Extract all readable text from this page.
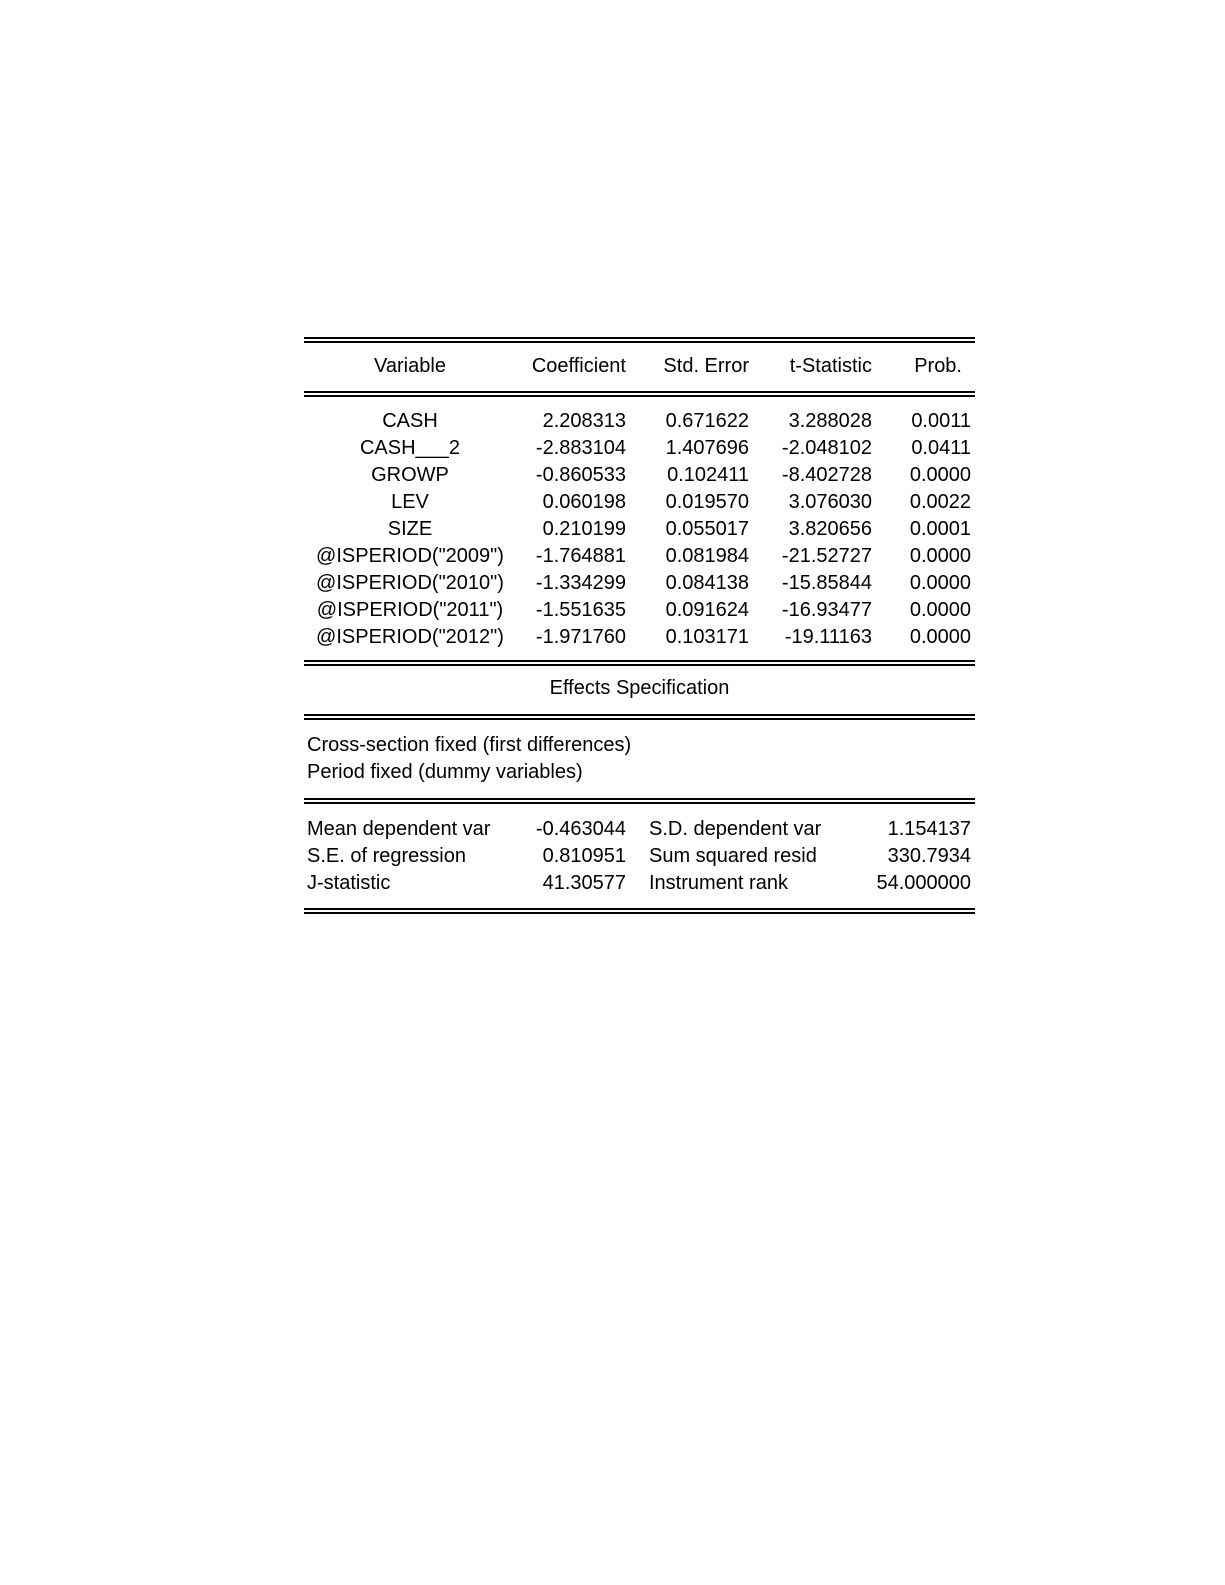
Variable	Coefficient Std. Error t-Statistic Prob.
CASH	2.208313 0.671622 3.288028 0.0011
CASH___2	-2.883104 1.407696 -2.048102 0.0411
GROWP	-0.860533 0.102411 -8.402728 0.0000
LEV	0.060198 0.019570 3.076030 0.0022
SIZE	0.210199 0.055017 3.820656 0.0001
@ISPERIOD("2009")	-1.764881 0.081984 -21.52727 0.0000
@ISPERIOD("2010")	-1.334299 0.084138 -15.85844 0.0000
@ISPERIOD("2011")	-1.551635 0.091624 -16.93477 0.0000
@ISPERIOD("2012")	-1.971760 0.103171 -19.11163 0.0000
Effects Specification
Cross-section fixed (first differences)
Period fixed (dummy variables)
Mean dependent var -0.463044 S.D. dependent var	1.154137
S.E. of regression	0.810951 Sum squared resid	330.7934
J-statistic	41.30577 Instrument rank	54.000000
